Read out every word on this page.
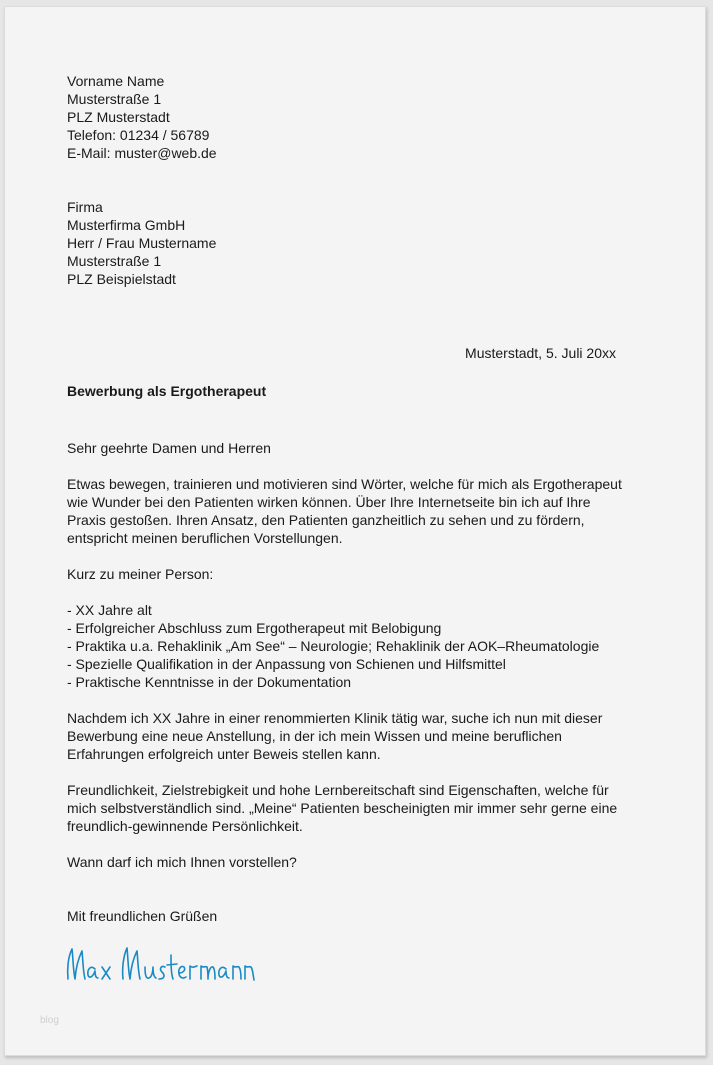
Vorname Name
Musterstraße 1
PLZ Musterstadt
Telefon: 01234 / 56789
E-Mail: muster@web.de
Firma
Musterfirma GmbH
Herr / Frau Mustername
Musterstraße 1
PLZ Beispielstadt
Musterstadt, 5. Juli 20xx
Bewerbung als Ergotherapeut
Sehr geehrte Damen und Herren
Etwas bewegen, trainieren und motivieren sind Wörter, welche für mich als Ergotherapeut
wie Wunder bei den Patienten wirken können. Über Ihre Internetseite bin ich auf Ihre
Praxis gestoßen. Ihren Ansatz, den Patienten ganzheitlich zu sehen und zu fördern,
entspricht meinen beruflichen Vorstellungen.
Kurz zu meiner Person:
- XX Jahre alt
- Erfolgreicher Abschluss zum Ergotherapeut mit Belobigung
- Praktika u.a. Rehaklinik „Am See“ – Neurologie; Rehaklinik der AOK–Rheumatologie
- Spezielle Qualifikation in der Anpassung von Schienen und Hilfsmittel
- Praktische Kenntnisse in der Dokumentation
Nachdem ich XX Jahre in einer renommierten Klinik tätig war, suche ich nun mit dieser
Bewerbung eine neue Anstellung, in der ich mein Wissen und meine beruflichen
Erfahrungen erfolgreich unter Beweis stellen kann.
Freundlichkeit, Zielstrebigkeit und hohe Lernbereitschaft sind Eigenschaften, welche für
mich selbstverständlich sind. „Meine“ Patienten bescheinigten mir immer sehr gerne eine
freundlich-gewinnende Persönlichkeit.
Wann darf ich mich Ihnen vorstellen?
Mit freundlichen Grüßen
blog
